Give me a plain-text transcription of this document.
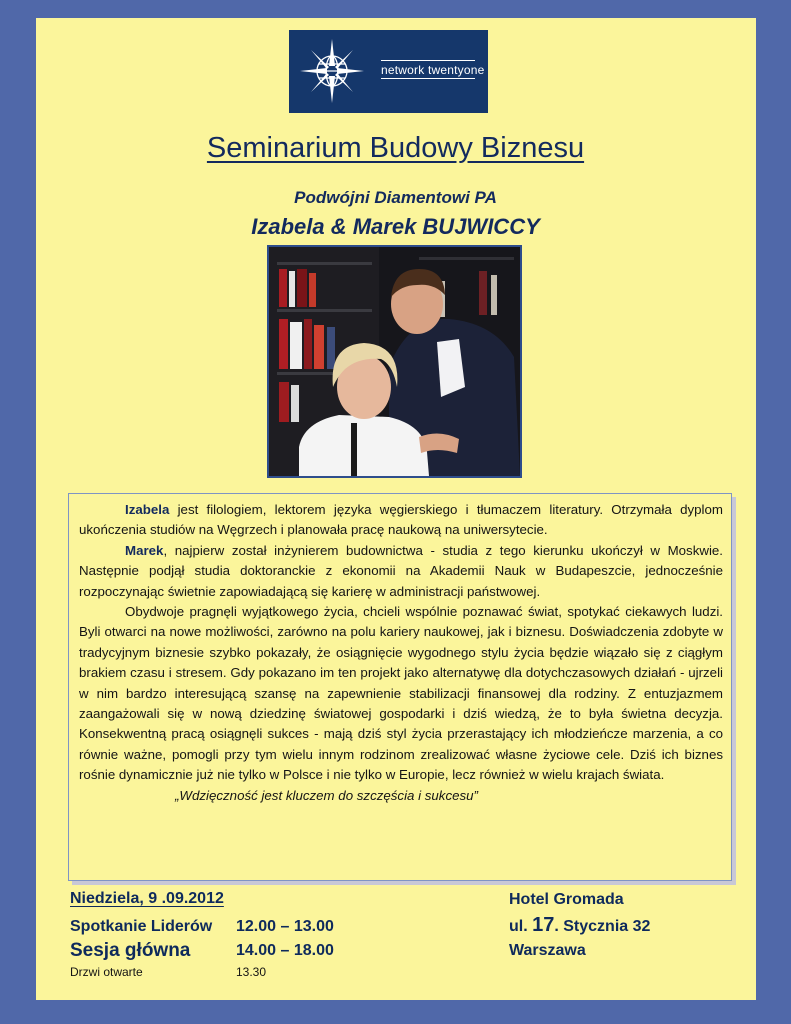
network twentyone
Seminarium Budowy Biznesu
Podwójni Diamentowi PA
Izabela & Marek BUJWICCY

Izabela jest filologiem, lektorem języka węgierskiego i tłumaczem literatury. Otrzymała dyplom ukończenia studiów na Węgrzech i planowała pracę naukową na uniwersytecie.

Marek, najpierw został inżynierem budownictwa - studia z tego kierunku ukończył w Moskwie. Następnie podjął studia doktoranckie z ekonomii na Akademii Nauk w Budapeszcie, jednocześnie rozpoczynając świetnie zapowiadającą się karierę w administracji państwowej.

Obydwoje pragnęli wyjątkowego życia, chcieli wspólnie poznawać świat, spotykać ciekawych ludzi. Byli otwarci na nowe możliwości, zarówno na polu kariery naukowej, jak i biznesu. Doświadczenia zdobyte w tradycyjnym biznesie szybko pokazały, że osiągnięcie wygodnego stylu życia będzie wiązało się z ciągłym brakiem czasu i stresem. Gdy pokazano im ten projekt jako alternatywę dla dotychczasowych działań - ujrzeli w nim bardzo interesującą szansę na zapewnienie stabilizacji finansowej dla rodziny. Z entuzjazmem zaangażowali się w nową dziedzinę światowej gospodarki i dziś wiedzą, że to była świetna decyzja. Konsekwentną pracą osiągnęli sukces - mają dziś styl życia przerastający ich młodzieńcze marzenia, a co równie ważne, pomogli przy tym wielu innym rodzinom zrealizować własne życiowe cele. Dziś ich biznes rośnie dynamicznie już nie tylko w Polsce i nie tylko w Europie, lecz również w wielu krajach świata.

„Wdzięczność jest kluczem do szczęścia i sukcesu”

Niedziela, 9 .09.2012
Spotkanie Liderów 12.00 – 13.00
Sesja główna	14.00 – 18.00
Drzwi otwarte	13.30
Hotel Gromada
ul. 17. Stycznia 32
Warszawa
